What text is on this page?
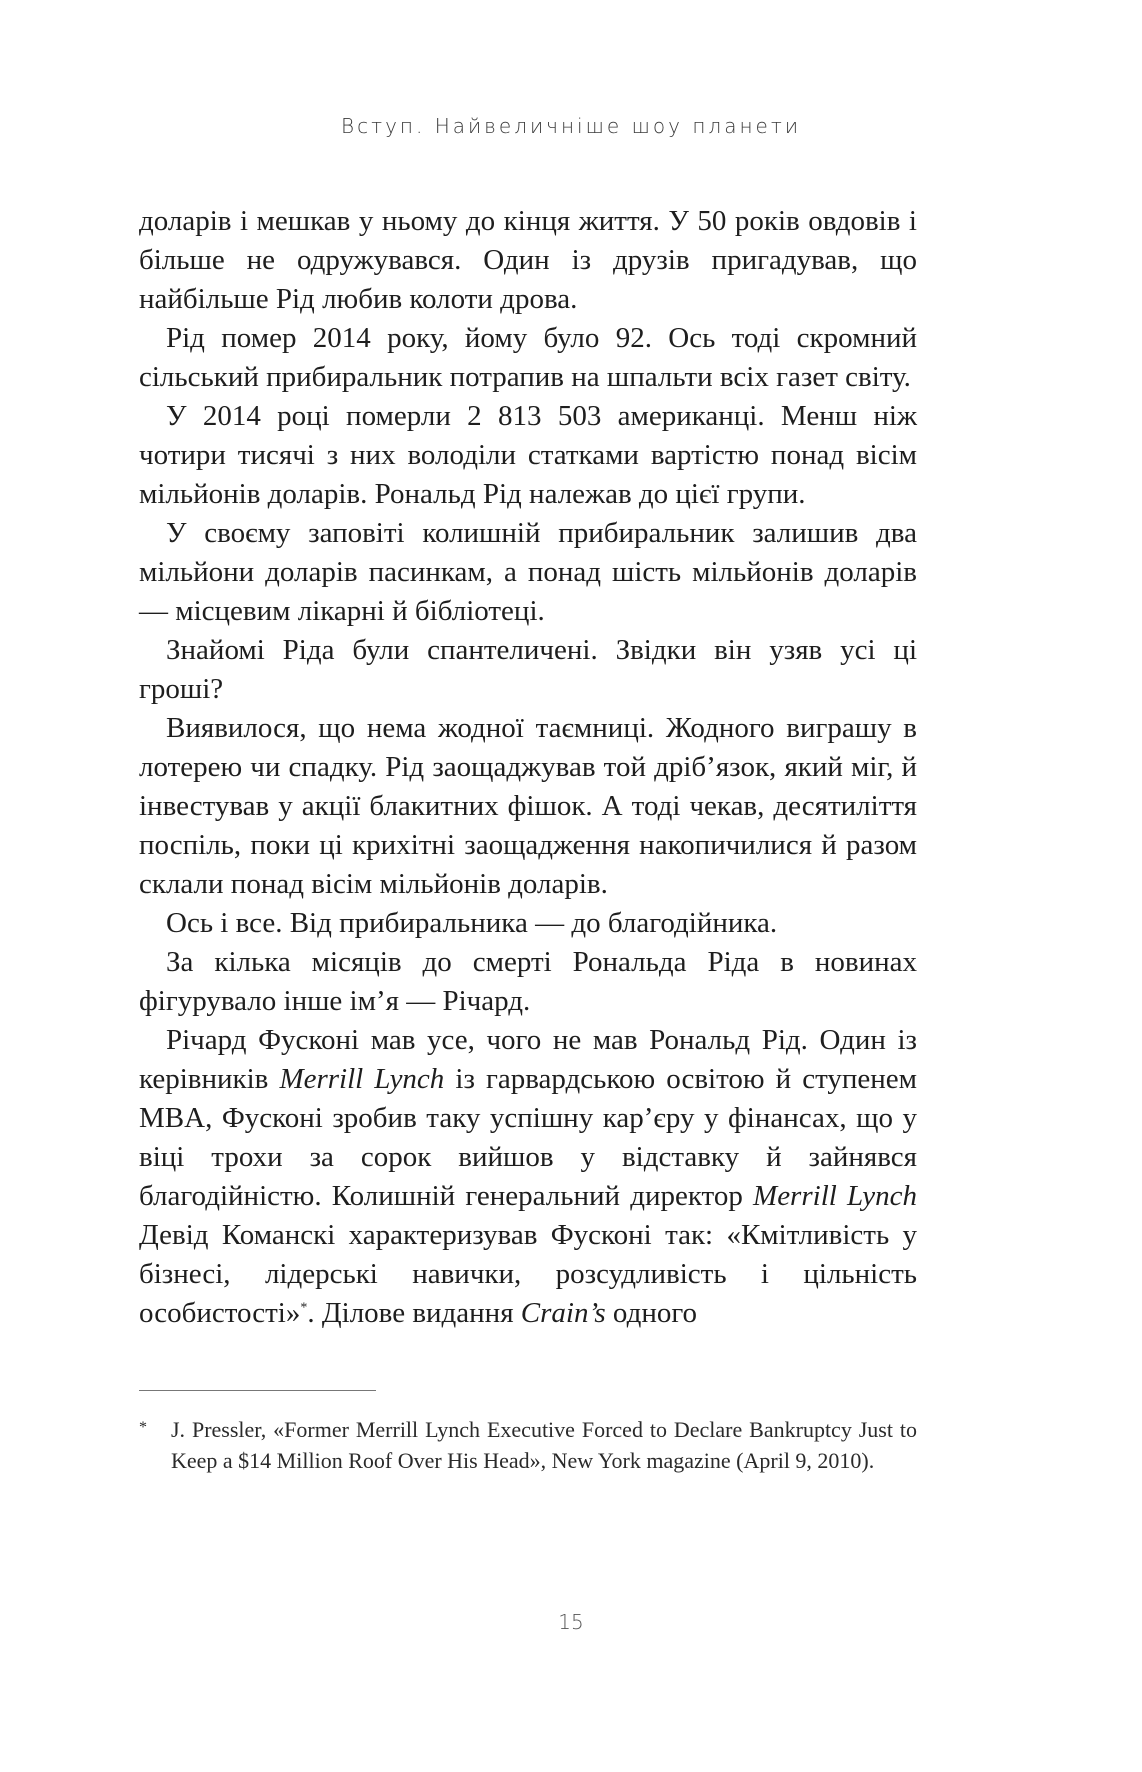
Вступ. Найвеличніше шоу планети

доларів і мешкав у ньому до кінця життя. У 50 років овдовів і більше не одружувався. Один із друзів пригадував, що найбільше Рід любив колоти дрова.

Рід помер 2014 року, йому було 92. Ось тоді скромний сільський прибиральник потрапив на шпальти всіх газет світу.

У 2014 році померли 2 813 503 американці. Менш ніж чотири тисячі з них володіли статками вартістю понад вісім мільйонів доларів. Рональд Рід належав до цієї групи.

У своєму заповіті колишній прибиральник залишив два мільйони доларів пасинкам, а понад шість мільйонів доларів — місцевим лікарні й бібліотеці.

Знайомі Ріда були спантеличені. Звідки він узяв усі ці гроші?

Виявилося, що нема жодної таємниці. Жодного виграшу в лотерею чи спадку. Рід заощаджував той дріб’язок, який міг, й інвестував у акції блакитних фішок. А тоді чекав, десятиліття поспіль, поки ці крихітні заощадження накопичилися й разом склали понад вісім мільйонів доларів.

Ось і все. Від прибиральника — до благодійника.

За кілька місяців до смерті Рональда Ріда в новинах фігурувало інше ім’я — Річард.

Річард Фусконі мав усе, чого не мав Рональд Рід. Один із керівників Merrill Lynch із гарвардською освітою й ступенем MBA, Фусконі зробив таку успішну кар’єру у фінансах, що у віці трохи за сорок вийшов у відставку й зайнявся благодійністю. Колишній генеральний директор Merrill Lynch Девід Команскі характеризував Фусконі так: «Кмітливість у бізнесі, лідерські навички, розсудливість і цільність особистості»*. Ділове видання Crain’s одного

* J. Pressler, «Former Merrill Lynch Executive Forced to Declare Bankruptcy Just to Keep a $14 Million Roof Over His Head», New York magazine (April 9, 2010).
15
